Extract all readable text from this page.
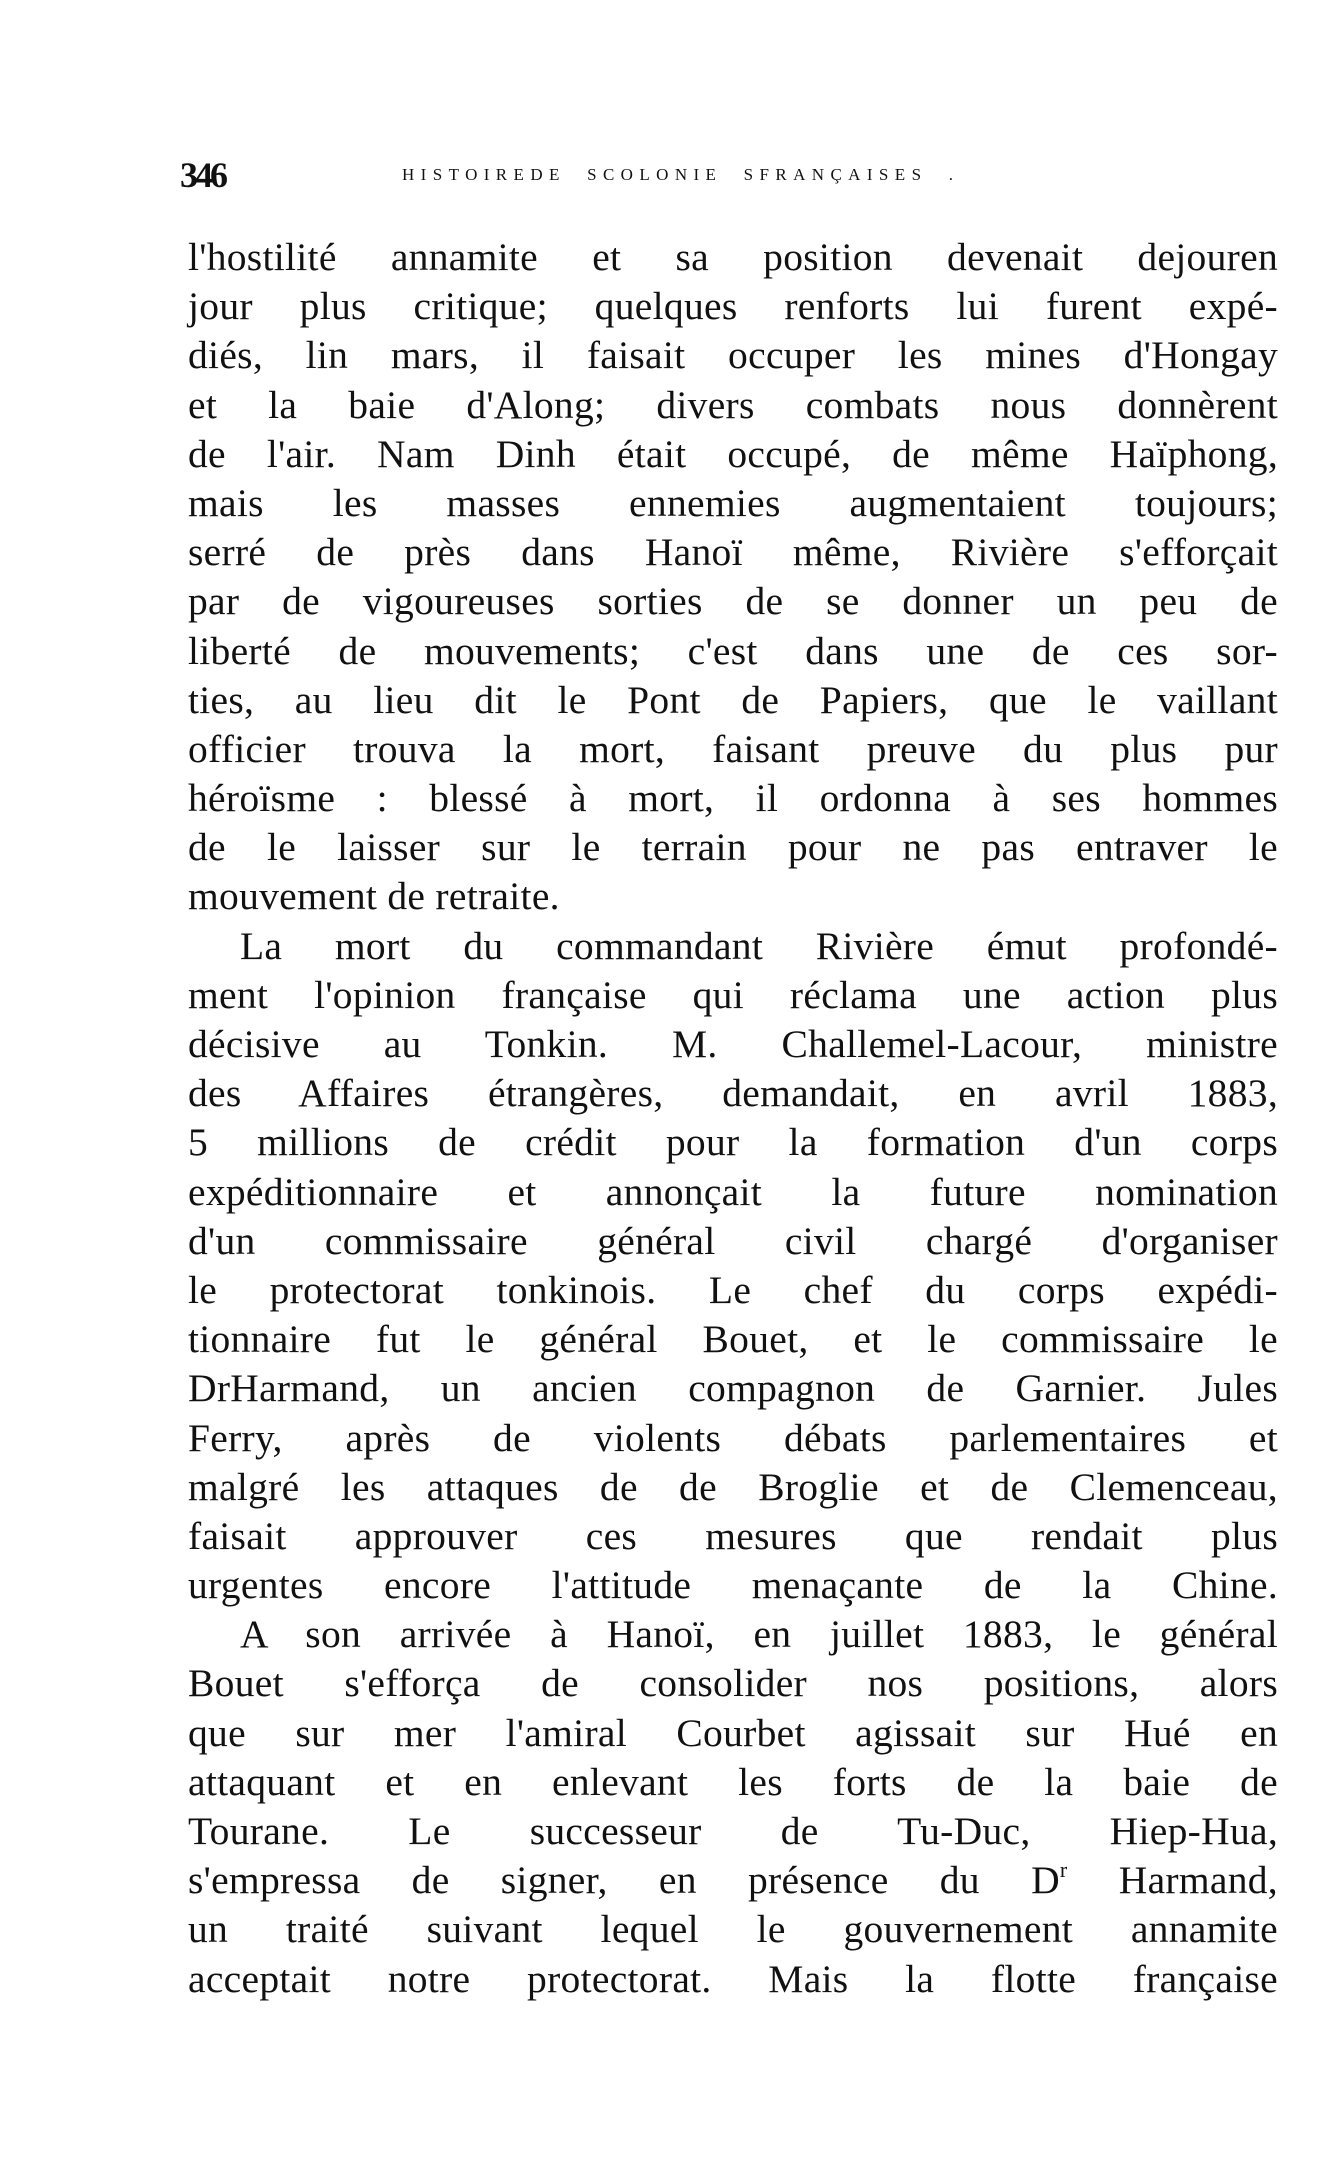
346	HISTOIREDE  SCOLONIE  SFRANÇAISES  .
l'hostilité annamite et sa position devenait dejouren
jour plus critique; quelques renforts lui furent expé-
diés, lin mars, il faisait occuper les mines d'Hongay
et la baie d'Along; divers combats nous donnèrent
de l'air. Nam Dinh était occupé, de même Haïphong,
mais les masses ennemies augmentaient toujours;
serré de près dans Hanoï même, Rivière s'efforçait
par de vigoureuses sorties de se donner un peu de
liberté de mouvements; c'est dans une de ces sor-
ties, au lieu dit le Pont de Papiers, que le vaillant
officier trouva la mort, faisant preuve du plus pur
héroïsme : blessé à mort, il ordonna à ses hommes
de le laisser sur le terrain pour ne pas entraver le
mouvement de retraite.
La mort du commandant Rivière émut profondé-
ment l'opinion française qui réclama une action plus
décisive au Tonkin. M. Challemel-Lacour, ministre
des Affaires étrangères, demandait, en avril 1883,
5 millions de crédit pour la formation d'un corps
expéditionnaire et annonçait la future nomination
d'un commissaire général civil chargé d'organiser
le protectorat tonkinois. Le chef du corps expédi-
tionnaire fut le général Bouet, et le commissaire le
DrHarmand, un ancien compagnon de Garnier. Jules
Ferry, après de violents débats parlementaires et
malgré les attaques de de Broglie et de Clemenceau,
faisait approuver ces mesures que rendait plus
urgentes encore l'attitude menaçante de la Chine.
A son arrivée à Hanoï, en juillet 1883, le général
Bouet s'efforça de consolider nos positions, alors
que sur mer l'amiral Courbet agissait sur Hué en
attaquant et en enlevant les forts de la baie de
Tourane. Le successeur de Tu-Duc, Hiep-Hua,
s'empressa de signer, en présence du $D^r$ Harmand,
un traité suivant lequel le gouvernement annamite
acceptait notre protectorat. Mais la flotte française
